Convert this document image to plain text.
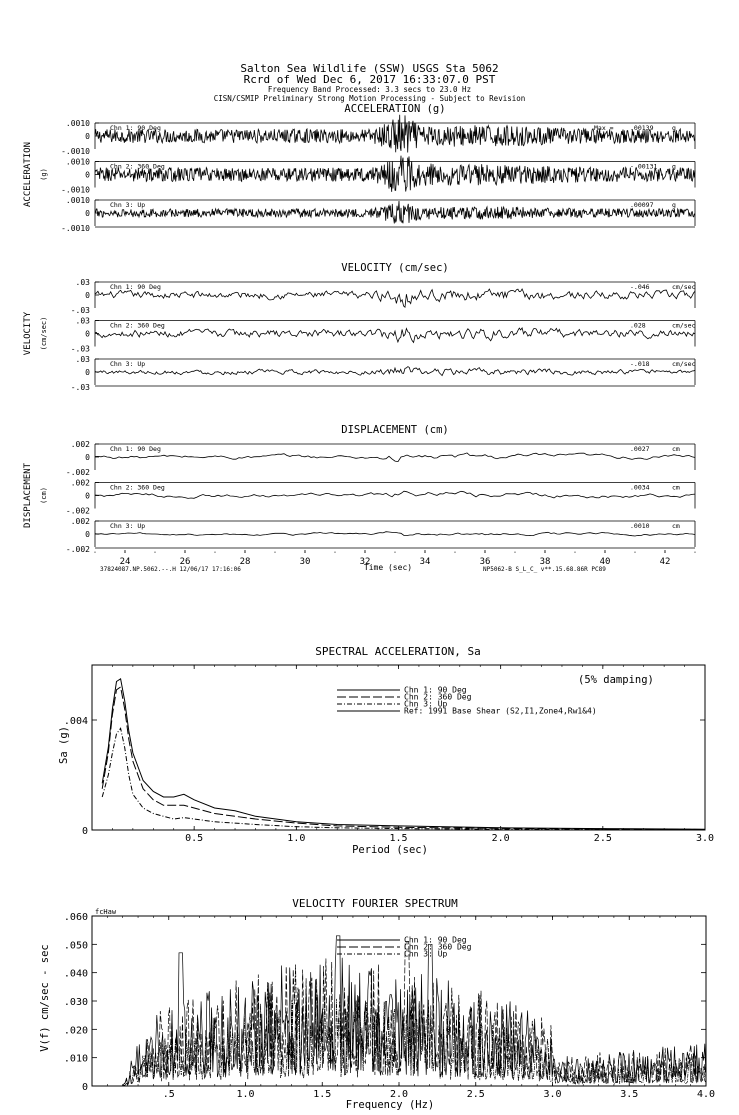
Salton Sea Wildlife (SSW) USGS Sta 5062
Rcrd of Wed Dec 6, 2017 16:33:07.0 PST
Frequency Band Processed: 3.3 secs to 23.0 Hz
CISN/CSMIP Preliminary Strong Motion Processing - Subject to Revision
ACCELERATION (g)
ACCELERATION (g)
.0010
0
-.0010
Chn 1: 90 Deg	Max =	.00139	g
.0010
0
-.0010
Chn 2: 360 Deg	-.00131 g
.0010
0
-.0010
Chn 3: Up	.00097	g
VELOCITY (cm/sec)
VELOCITY (cm/sec)
.03
0
-.03
Chn 1: 90 Deg	-.046	cm/sec
.03
0
-.03
Chn 2: 360 Deg	.028	cm/sec
.03
0
-.03
Chn 3: Up	-.018	cm/sec
DISPLACEMENT (cm)
DISPLACEMENT (cm)
.002
0
-.002
Chn 1: 90 Deg	.0027	cm
.002
0
-.002
Chn 2: 360 Deg	.0034	cm
.002
0
-.002
Chn 3: Up	.0010	cm
24	26	28	30	32	34	36	38	40	42
Time (sec)
37824087.NP.5062.--.H 12/06/17 17:16:06	NP5062-B S_L_C_ v**.15.68.86R PC89
SPECTRAL ACCELERATION, Sa
(5% damping)
Period (sec)
Sa (g)
0.5	1.0	1.5	2.0	2.5	3.0
0
.004
Chn 1: 90 Deg
Chn 2: 360 Deg
Chn 3: Up
Ref: 1991 Base Shear (S2,I1,Zone4,Rw1&4)
VELOCITY FOURIER SPECTRUM
fcHaw
Frequency (Hz)
V(f) cm/sec - sec
.5	1.0	1.5	2.0	2.5	3.0	3.5	4.0
0
.010
.020
.030
.040
.050
.060
Chn 1: 90 Deg
Chn 2: 360 Deg
Chn 3: Up
